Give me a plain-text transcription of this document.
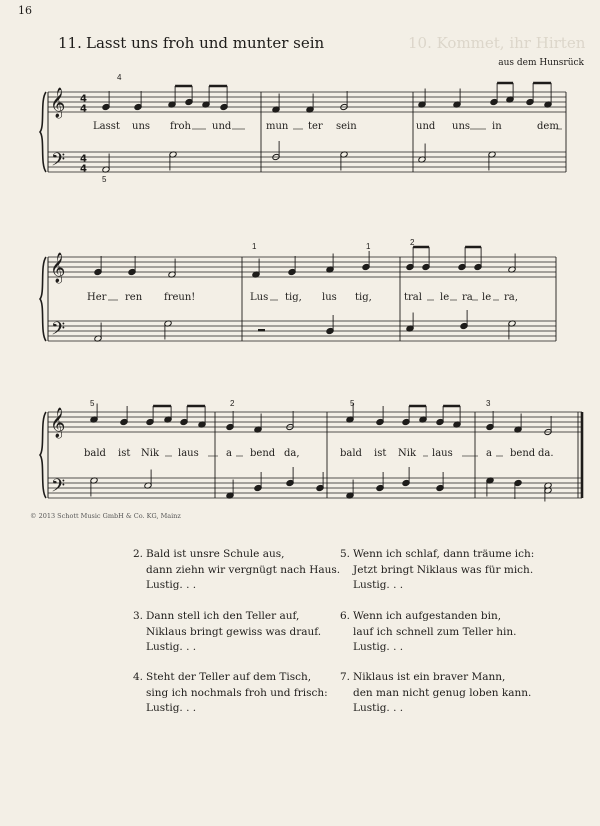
16
10. Kommet, ihr Hirten
11. Lasst uns froh und munter sein
aus dem Hunsrück
𝄞
𝄢
4
4
4
4
4
5
𝄞
𝄢
1	1	2
𝄞
𝄢
5	2	5	3
Lasst uns froh und	mun ter sein	und uns in	dem
Her ren freun!	Lus tig, lus tig,	tral le ra le ra,
bald ist Nik laus	a bend da,	bald ist Nik laus	a bend da.
© 2013 Schott Music GmbH & Co. KG, Mainz
2. Bald ist unsre Schule aus,
dann ziehn wir vergnügt nach Haus.
Lustig. . .
3. Dann stell ich den Teller auf,
Niklaus bringt gewiss was drauf.
Lustig. . .
4. Steht der Teller auf dem Tisch,
sing ich nochmals froh und frisch:
Lustig. . .
5. Wenn ich schlaf, dann träume ich:
Jetzt bringt Niklaus was für mich.
Lustig. . .
6. Wenn ich aufgestanden bin,
lauf ich schnell zum Teller hin.
Lustig. . .
7. Niklaus ist ein braver Mann,
den man nicht genug loben kann.
Lustig. . .
